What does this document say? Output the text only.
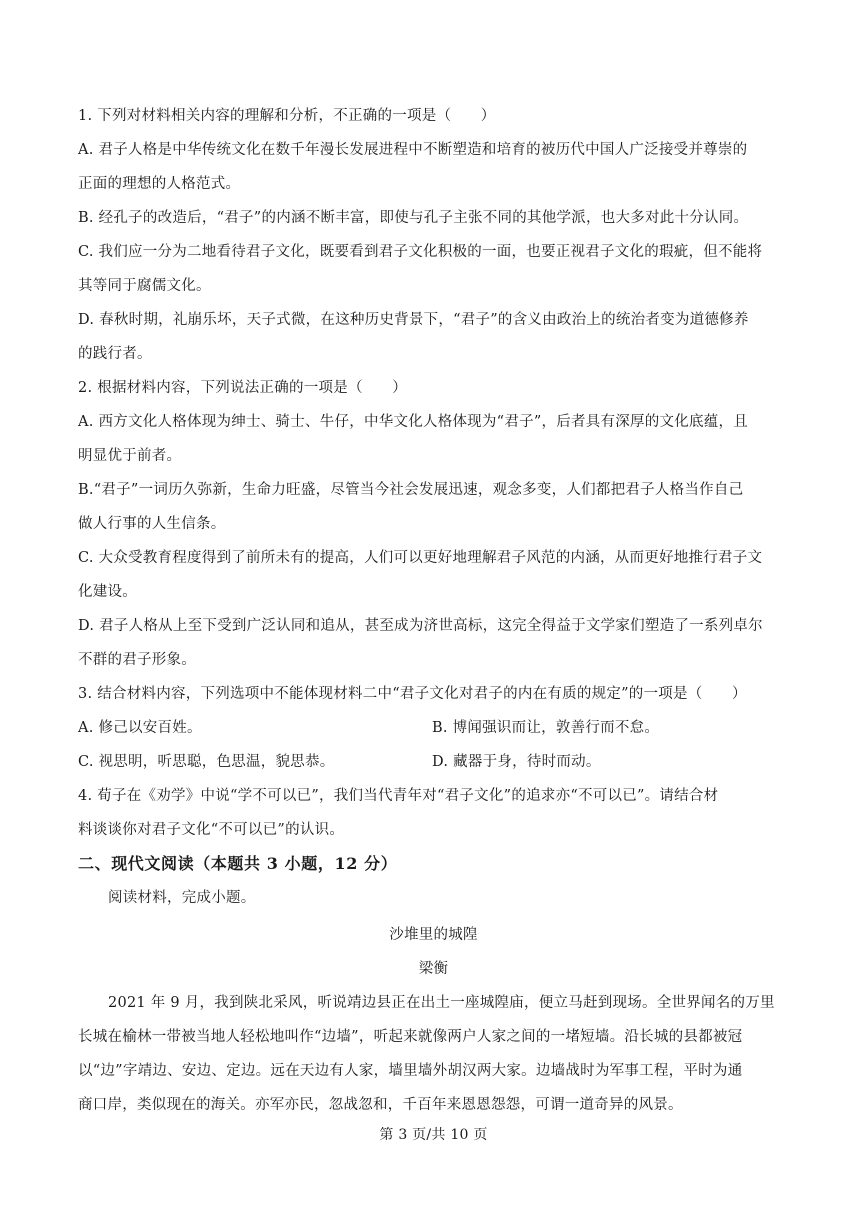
1. 下列对材料相关内容的理解和分析，不正确的一项是（　　）
A. 君子人格是中华传统文化在数千年漫长发展进程中不断塑造和培育的被历代中国人广泛接受并尊崇的
正面的理想的人格范式。
B. 经孔子的改造后，“君子”的内涵不断丰富，即使与孔子主张不同的其他学派，也大多对此十分认同。
C. 我们应一分为二地看待君子文化，既要看到君子文化积极的一面，也要正视君子文化的瑕疵，但不能将
其等同于腐儒文化。
D. 春秋时期，礼崩乐坏，天子式微，在这种历史背景下，“君子”的含义由政治上的统治者变为道德修养
的践行者。
2. 根据材料内容，下列说法正确的一项是（　　）
A. 西方文化人格体现为绅士、骑士、牛仔，中华文化人格体现为“君子”，后者具有深厚的文化底蕴，且
明显优于前者。
B.“君子”一词历久弥新，生命力旺盛，尽管当今社会发展迅速，观念多变，人们都把君子人格当作自己
做人行事的人生信条。
C. 大众受教育程度得到了前所未有的提高，人们可以更好地理解君子风范的内涵，从而更好地推行君子文
化建设。
D. 君子人格从上至下受到广泛认同和追从，甚至成为济世高标，这完全得益于文学家们塑造了一系列卓尔
不群的君子形象。
3. 结合材料内容，下列选项中不能体现材料二中“君子文化对君子的内在有质的规定”的一项是（　　）
A. 修己以安百姓。	B. 博闻强识而让，敦善行而不怠。
C. 视思明，听思聪，色思温，貌思恭。	D. 藏器于身，待时而动。
4. 荀子在《劝学》中说“学不可以已”，我们当代青年对“君子文化”的追求亦“不可以已”。请结合材
料谈谈你对君子文化“不可以已”的认识。
二、现代文阅读（本题共 3 小题，12 分）
阅读材料，完成小题。
沙堆里的城隍
梁衡
2021 年 9 月，我到陕北采风，听说靖边县正在出土一座城隍庙，便立马赶到现场。全世界闻名的万里
长城在榆林一带被当地人轻松地叫作“边墙”，听起来就像两户人家之间的一堵短墙。沿长城的县都被冠
以“边”字靖边、安边、定边。远在天边有人家，墙里墙外胡汉两大家。边墙战时为军事工程，平时为通
商口岸，类似现在的海关。亦军亦民，忽战忽和，千百年来恩恩怨怨，可谓一道奇异的风景。
第 3 页/共 10 页
